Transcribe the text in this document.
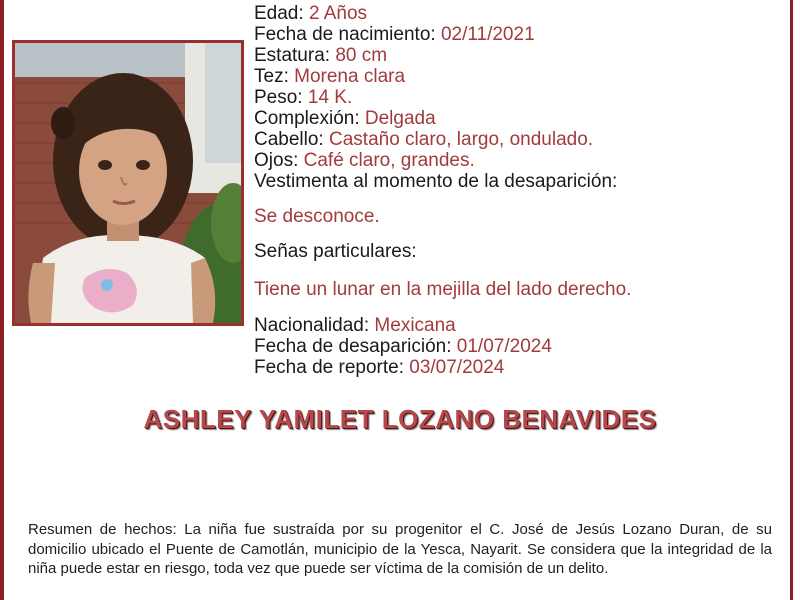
Edad: 2 Años
Fecha de nacimiento: 02/11/2021
Estatura: 80 cm
Tez: Morena clara
Peso: 14 K.
Complexión: Delgada
Cabello: Castaño claro, largo, ondulado.
Ojos: Café claro, grandes.
Vestimenta al momento de la desaparición:
Se desconoce.
Señas particulares:
Tiene un lunar en la mejilla del lado derecho.
Nacionalidad: Mexicana
Fecha de desaparición: 01/07/2024
Fecha de reporte: 03/07/2024
ASHLEY YAMILET LOZANO BENAVIDES
Resumen de hechos: La niña fue sustraída por su progenitor el C. José de Jesús Lozano Duran, de su domicilio ubicado el Puente de Camotlán, municipio de la Yesca, Nayarit. Se considera que la integridad de la niña puede estar en riesgo, toda vez que puede ser víctima de la comisión de un delito.
